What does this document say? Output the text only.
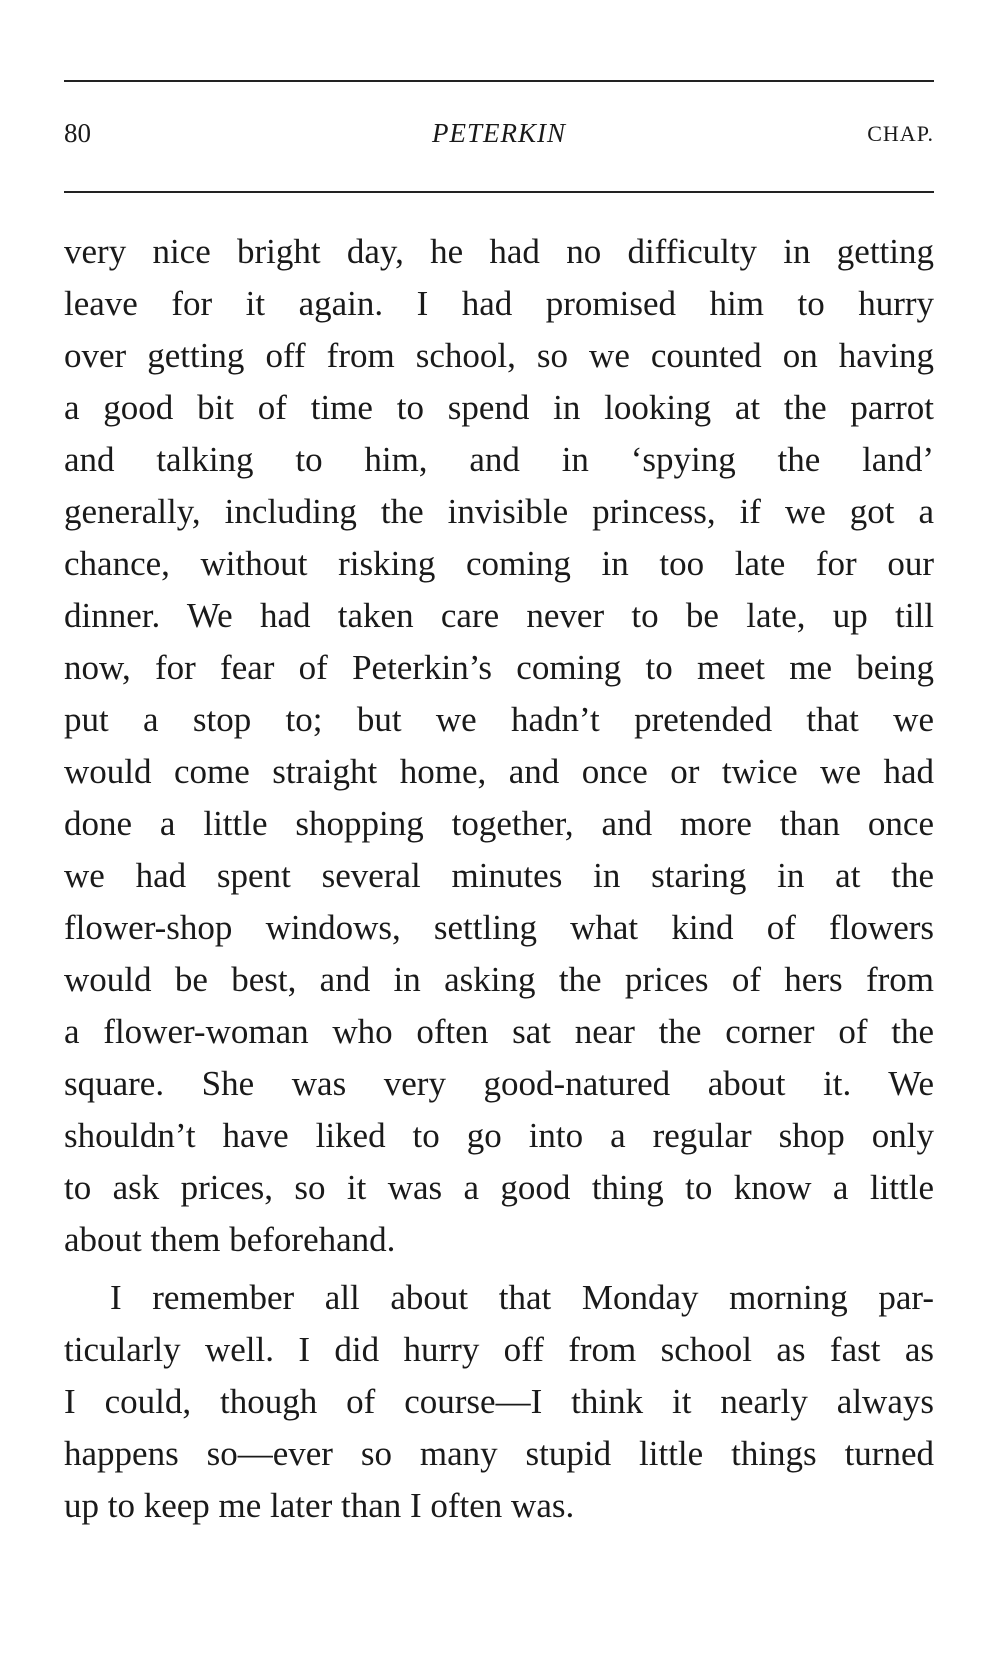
80	PETERKIN	CHAP.
very nice bright day, he had no difficulty in getting
leave for it again. I had promised him to hurry
over getting off from school, so we counted on having
a good bit of time to spend in looking at the parrot
and talking to him, and in ‘spying the land’
generally, including the invisible princess, if we got a
chance, without risking coming in too late for our
dinner. We had taken care never to be late, up till
now, for fear of Peterkin’s coming to meet me being
put a stop to; but we hadn’t pretended that we
would come straight home, and once or twice we had
done a little shopping together, and more than once
we had spent several minutes in staring in at the
flower-shop windows, settling what kind of flowers
would be best, and in asking the prices of hers from
a flower-woman who often sat near the corner of the
square. She was very good-natured about it. We
shouldn’t have liked to go into a regular shop only
to ask prices, so it was a good thing to know a little
about them beforehand.
I remember all about that Monday morning par-
ticularly well. I did hurry off from school as fast as
I could, though of course—I think it nearly always
happens so—ever so many stupid little things turned
up to keep me later than I often was.
